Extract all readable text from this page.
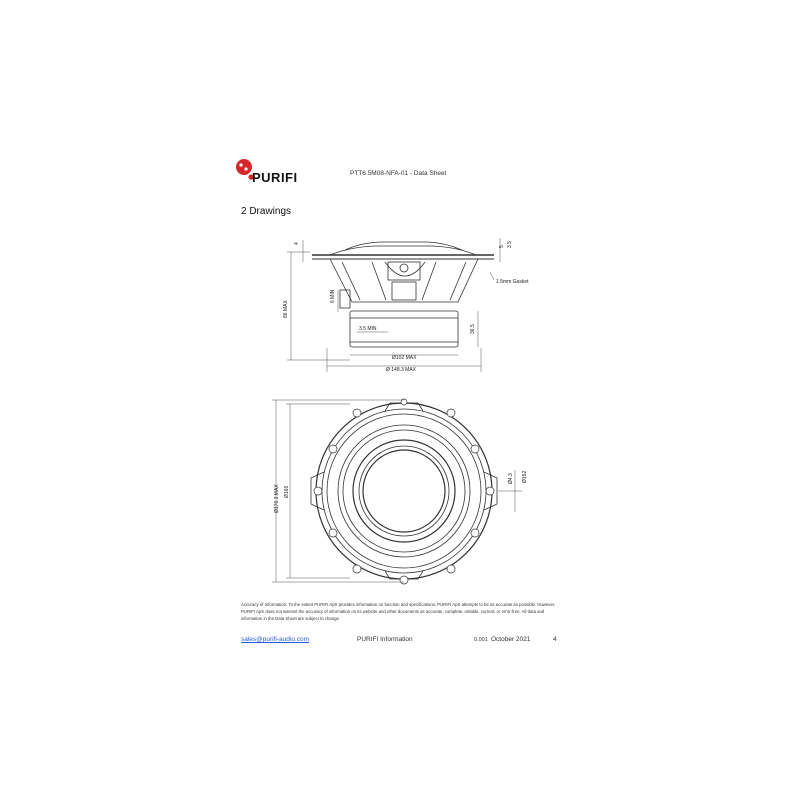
PURIFI	PTT6.5M08-NFA-01 - Data Sheet
2 Drawings
4
5 3.5
1.5mm Gasket
86 MAX
6 MIN
3.5 MIN	36.5
Ø102 MAX
Ø 148.3 MAX
Ø176.3 MAX Ø166
Ø4.3 Ø152
Accuracy of Information: To the extent PURIFI ApS provides information on function and specifications, PURIFI ApS attempts to be as accurate as possible. However, PURIFI ApS does not warrant the accuracy of information on its website and other documents as accurate, complete, reliable, current, or error-free. All data and information in the Data Sheet are subject to change.
sales@purifi-audio.com	PURIFI Information	0.001 October 2021	4
